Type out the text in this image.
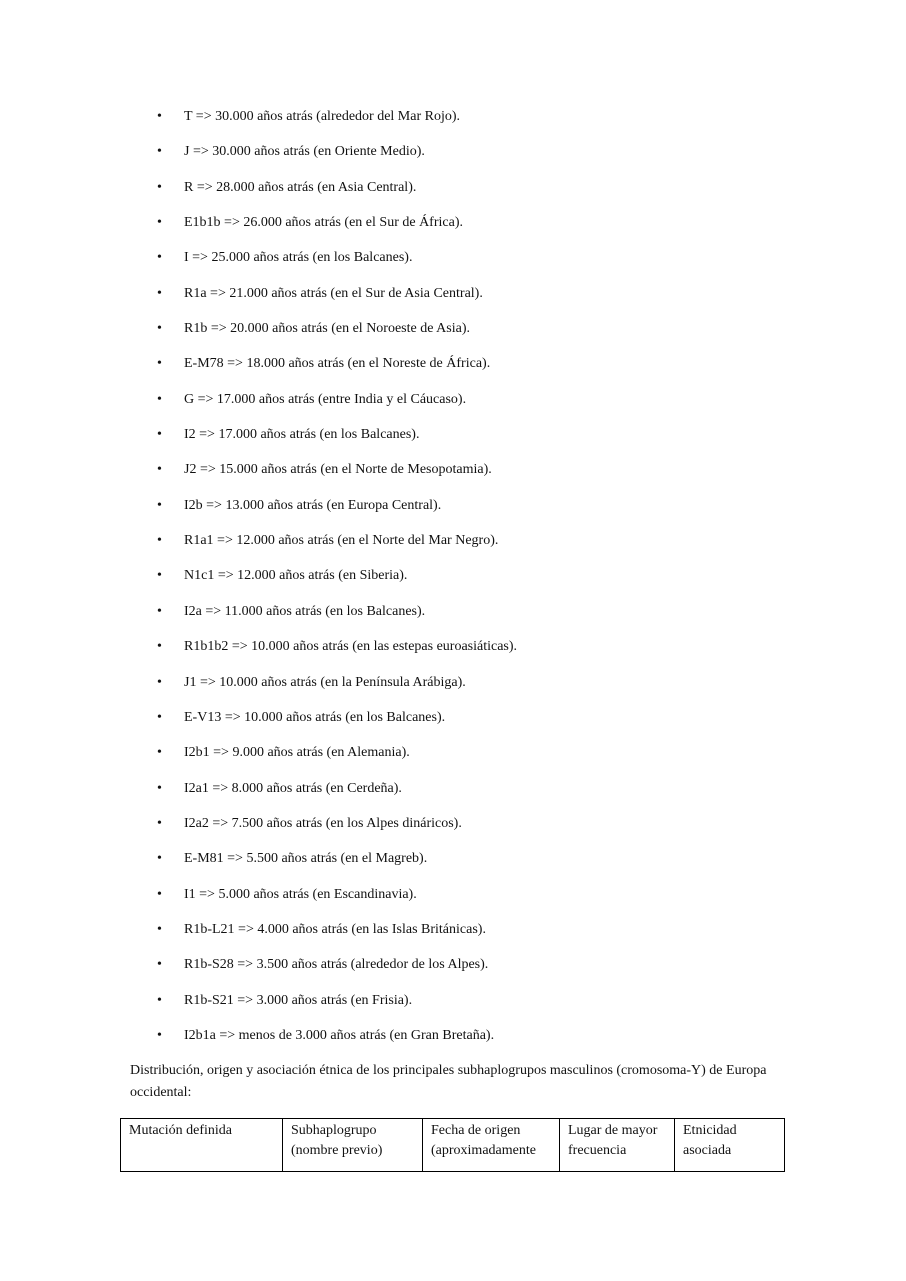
• T => 30.000 años atrás (alrededor del Mar Rojo).
• J => 30.000 años atrás (en Oriente Medio).
• R => 28.000 años atrás (en Asia Central).
• E1b1b => 26.000 años atrás (en el Sur de África).
• I => 25.000 años atrás (en los Balcanes).
• R1a => 21.000 años atrás (en el Sur de Asia Central).
• R1b => 20.000 años atrás (en el Noroeste de Asia).
• E-M78 => 18.000 años atrás (en el Noreste de África).
• G => 17.000 años atrás (entre India y el Cáucaso).
• I2 => 17.000 años atrás (en los Balcanes).
• J2 => 15.000 años atrás (en el Norte de Mesopotamia).
• I2b => 13.000 años atrás (en Europa Central).
• R1a1 => 12.000 años atrás (en el Norte del Mar Negro).
• N1c1 => 12.000 años atrás (en Siberia).
• I2a => 11.000 años atrás (en los Balcanes).
• R1b1b2 => 10.000 años atrás (en las estepas euroasiáticas).
• J1 => 10.000 años atrás (en la Península Arábiga).
• E-V13 => 10.000 años atrás (en los Balcanes).
• I2b1 => 9.000 años atrás (en Alemania).
• I2a1 => 8.000 años atrás (en Cerdeña).
• I2a2 => 7.500 años atrás (en los Alpes dináricos).
• E-M81 => 5.500 años atrás (en el Magreb).
• I1 => 5.000 años atrás (en Escandinavia).
• R1b-L21 => 4.000 años atrás (en las Islas Británicas).
• R1b-S28 => 3.500 años atrás (alrededor de los Alpes).
• R1b-S21 => 3.000 años atrás (en Frisia).
• I2b1a => menos de 3.000 años atrás (en Gran Bretaña).
Distribución, origen y asociación étnica de los principales subhaplogrupos masculinos (cromosoma-Y) de Europa occidental:
Mutación definida	Subhaplogrupo (nombre previo)	Fecha de origen (aproximadamente	Lugar de mayor frecuencia	Etnicidad asociada
